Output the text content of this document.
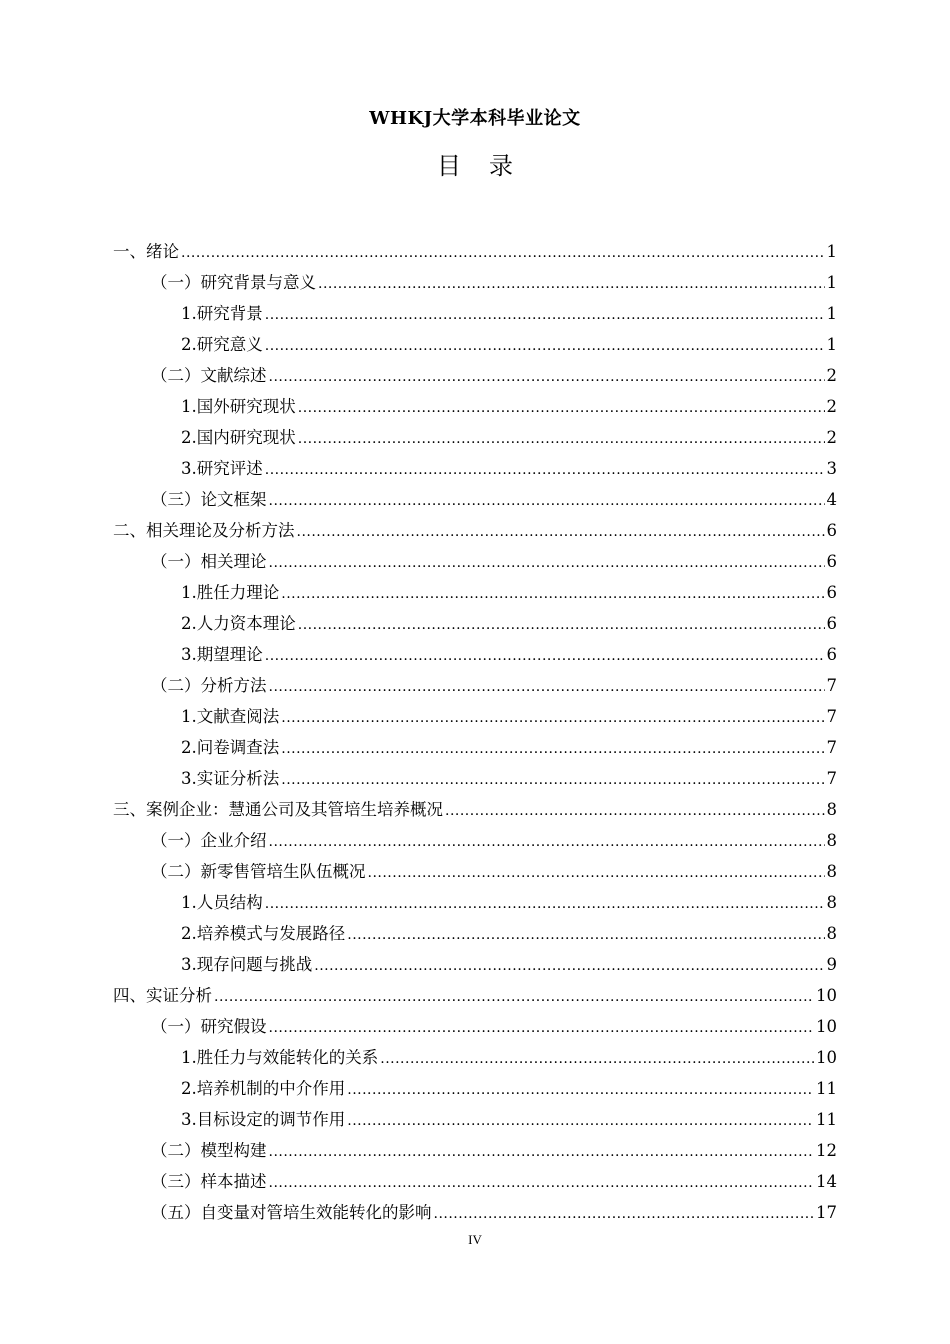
WHKJ大学本科毕业论文
目录
一、绪论 .....	1
（一）研究背景与意义 .....	1
1.研究背景 .....	1
2.研究意义 .....	1
（二）文献综述 .....	2
1.国外研究现状 .....	2
2.国内研究现状 .....	2
3.研究评述 .....	3
（三）论文框架 .....	4
二、相关理论及分析方法 .....	6
（一）相关理论 .....	6
1.胜任力理论 .....	6
2.人力资本理论 .....	6
3.期望理论 .....	6
（二）分析方法 .....	7
1.文献查阅法 .....	7
2.问卷调查法 .....	7
3.实证分析法 .....	7
三、案例企业：慧通公司及其管培生培养概况 .....	8
（一）企业介绍 .....	8
（二）新零售管培生队伍概况 .....	8
1.人员结构 .....	8
2.培养模式与发展路径 .....	8
3.现存问题与挑战 .....	9
四、实证分析 .....	10
（一）研究假设 .....	10
1.胜任力与效能转化的关系 .....	10
2.培养机制的中介作用 .....	11
3.目标设定的调节作用 .....	11
（二）模型构建 .....	12
（三）样本描述 .....	14
（五）自变量对管培生效能转化的影响 .....	17
IV
